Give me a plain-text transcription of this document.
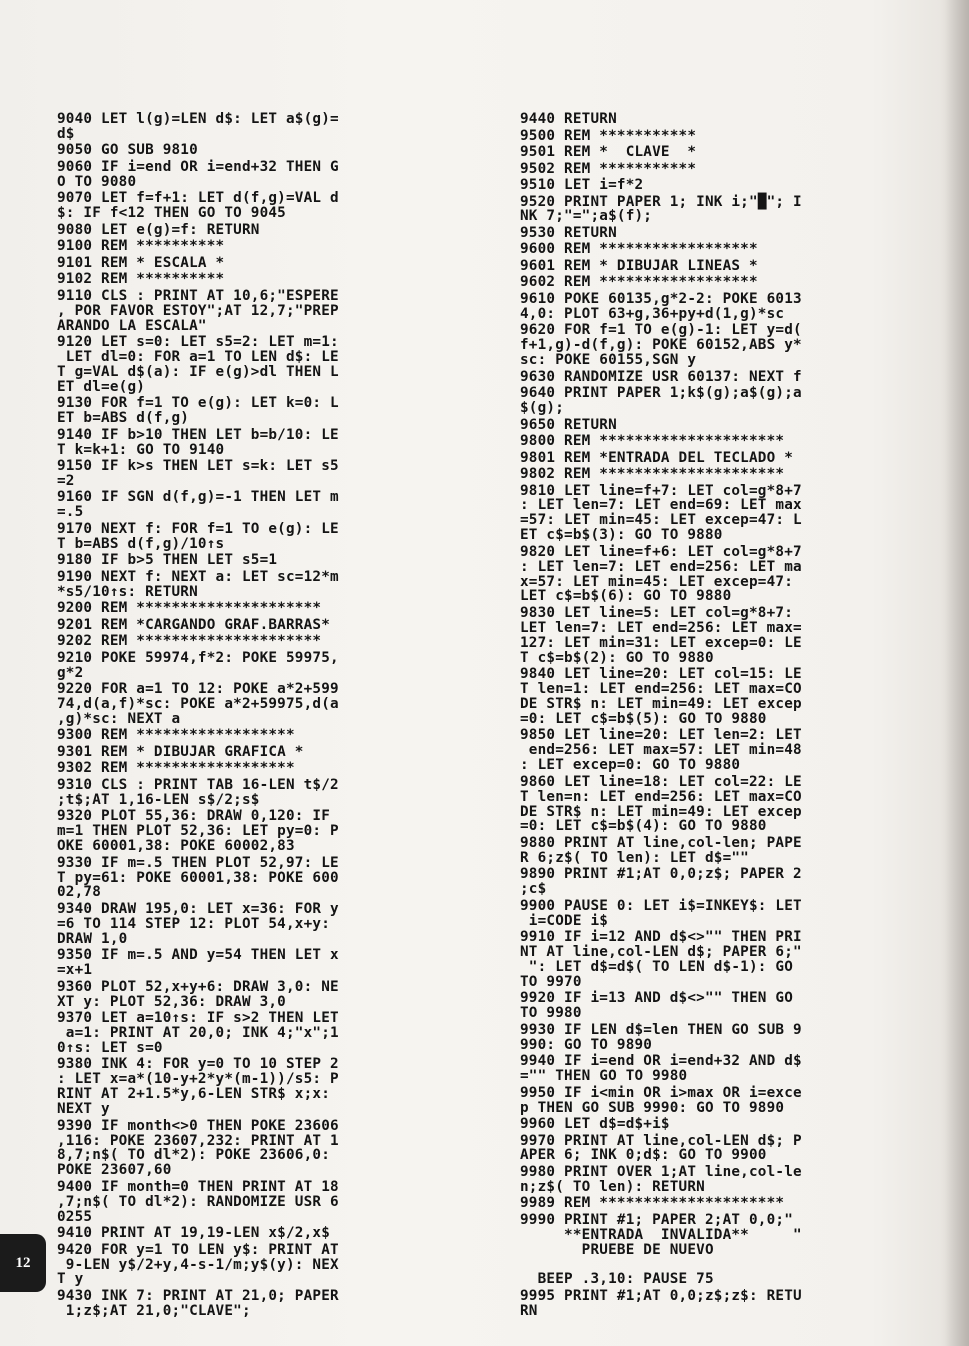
9040 LET l(g)=LEN d$: LET a$(g)=
d$
9050 GO SUB 9810
9060 IF i=end OR i=end+32 THEN G
O TO 9080
9070 LET f=f+1: LET d(f,g)=VAL d
$: IF f<12 THEN GO TO 9045
9080 LET e(g)=f: RETURN
9100 REM **********
9101 REM * ESCALA *
9102 REM **********
9110 CLS : PRINT AT 10,6;"ESPERE
, POR FAVOR ESTOY";AT 12,7;"PREP
ARANDO LA ESCALA"
9120 LET s=0: LET s5=2: LET m=1:
LET dl=0: FOR a=1 TO LEN d$: LE
T g=VAL d$(a): IF e(g)>dl THEN L
ET dl=e(g)
9130 FOR f=1 TO e(g): LET k=0: L
ET b=ABS d(f,g)
9140 IF b>10 THEN LET b=b/10: LE
T k=k+1: GO TO 9140
9150 IF k>s THEN LET s=k: LET s5
=2
9160 IF SGN d(f,g)=-1 THEN LET m
=.5
9170 NEXT f: FOR f=1 TO e(g): LE
T b=ABS d(f,g)/10↑s
9180 IF b>5 THEN LET s5=1
9190 NEXT f: NEXT a: LET sc=12*m
*s5/10↑s: RETURN
9200 REM *********************
9201 REM *CARGANDO GRAF.BARRAS*
9202 REM *********************
9210 POKE 59974,f*2: POKE 59975,
g*2
9220 FOR a=1 TO 12: POKE a*2+599
74,d(a,f)*sc: POKE a*2+59975,d(a
,g)*sc: NEXT a
9300 REM ******************
9301 REM * DIBUJAR GRAFICA *
9302 REM ******************
9310 CLS : PRINT TAB 16-LEN t$/2
;t$;AT 1,16-LEN s$/2;s$
9320 PLOT 55,36: DRAW 0,120: IF
m=1 THEN PLOT 52,36: LET py=0: P
OKE 60001,38: POKE 60002,83
9330 IF m=.5 THEN PLOT 52,97: LE
T py=61: POKE 60001,38: POKE 600
02,78
9340 DRAW 195,0: LET x=36: FOR y
=6 TO 114 STEP 12: PLOT 54,x+y:
DRAW 1,0
9350 IF m=.5 AND y=54 THEN LET x
=x+1
9360 PLOT 52,x+y+6: DRAW 3,0: NE
XT y: PLOT 52,36: DRAW 3,0
9370 LET a=10↑s: IF s>2 THEN LET
a=1: PRINT AT 20,0; INK 4;"x";1
0↑s: LET s=0
9380 INK 4: FOR y=0 TO 10 STEP 2
: LET x=a*(10-y+2*y*(m-1))/s5: P
RINT AT 2+1.5*y,6-LEN STR$ x;x:
NEXT y
9390 IF month<>0 THEN POKE 23606
,116: POKE 23607,232: PRINT AT 1
8,7;n$( TO dl*2): POKE 23606,0:
POKE 23607,60
9400 IF month=0 THEN PRINT AT 18
,7;n$( TO dl*2): RANDOMIZE USR 6
0255
9410 PRINT AT 19,19-LEN x$/2,x$
9420 FOR y=1 TO LEN y$: PRINT AT
9-LEN y$/2+y,4-s-1/m;y$(y): NEX
T y
9430 INK 7: PRINT AT 21,0; PAPER
1;z$;AT 21,0;"CLAVE";
9440 RETURN
9500 REM ***********
9501 REM *  CLAVE  *
9502 REM ***********
9510 LET i=f*2
9520 PRINT PAPER 1; INK i;"█"; I
NK 7;"=";a$(f);
9530 RETURN
9600 REM ******************
9601 REM * DIBUJAR LINEAS *
9602 REM ******************
9610 POKE 60135,g*2-2: POKE 6013
4,0: PLOT 63+g,36+py+d(1,g)*sc
9620 FOR f=1 TO e(g)-1: LET y=d(
f+1,g)-d(f,g): POKE 60152,ABS y*
sc: POKE 60155,SGN y
9630 RANDOMIZE USR 60137: NEXT f
9640 PRINT PAPER 1;k$(g);a$(g);a
$(g);
9650 RETURN
9800 REM *********************
9801 REM *ENTRADA DEL TECLADO *
9802 REM *********************
9810 LET line=f+7: LET col=g*8+7
: LET len=7: LET end=69: LET max
=57: LET min=45: LET excep=47: L
ET c$=b$(3): GO TO 9880
9820 LET line=f+6: LET col=g*8+7
: LET len=7: LET end=256: LET ma
x=57: LET min=45: LET excep=47:
LET c$=b$(6): GO TO 9880
9830 LET line=5: LET col=g*8+7:
LET len=7: LET end=256: LET max=
127: LET min=31: LET excep=0: LE
T c$=b$(2): GO TO 9880
9840 LET line=20: LET col=15: LE
T len=1: LET end=256: LET max=CO
DE STR$ n: LET min=49: LET excep
=0: LET c$=b$(5): GO TO 9880
9850 LET line=20: LET len=2: LET
end=256: LET max=57: LET min=48
: LET excep=0: GO TO 9880
9860 LET line=18: LET col=22: LE
T len=n: LET end=256: LET max=CO
DE STR$ n: LET min=49: LET excep
=0: LET c$=b$(4): GO TO 9880
9880 PRINT AT line,col-len; PAPE
R 6;z$( TO len): LET d$=""
9890 PRINT #1;AT 0,0;z$; PAPER 2
;c$
9900 PAUSE 0: LET i$=INKEY$: LET
i=CODE i$
9910 IF i=12 AND d$<>"" THEN PRI
NT AT line,col-LEN d$; PAPER 6;"
": LET d$=d$( TO LEN d$-1): GO
TO 9970
9920 IF i=13 AND d$<>"" THEN GO
TO 9980
9930 IF LEN d$=len THEN GO SUB 9
990: GO TO 9890
9940 IF i=end OR i=end+32 AND d$
="" THEN GO TO 9980
9950 IF i<min OR i>max OR i=exce
p THEN GO SUB 9990: GO TO 9890
9960 LET d$=d$+i$
9970 PRINT AT line,col-LEN d$; P
APER 6; INK 0;d$: GO TO 9900
9980 PRINT OVER 1;AT line,col-le
n;z$( TO len): RETURN
9989 REM *********************
9990 PRINT #1; PAPER 2;AT 0,0;"
**ENTRADA  INVALIDA**     "
PRUEBE DE NUEVO

BEEP .3,10: PAUSE 75
9995 PRINT #1;AT 0,0;z$;z$: RETU
RN
12
